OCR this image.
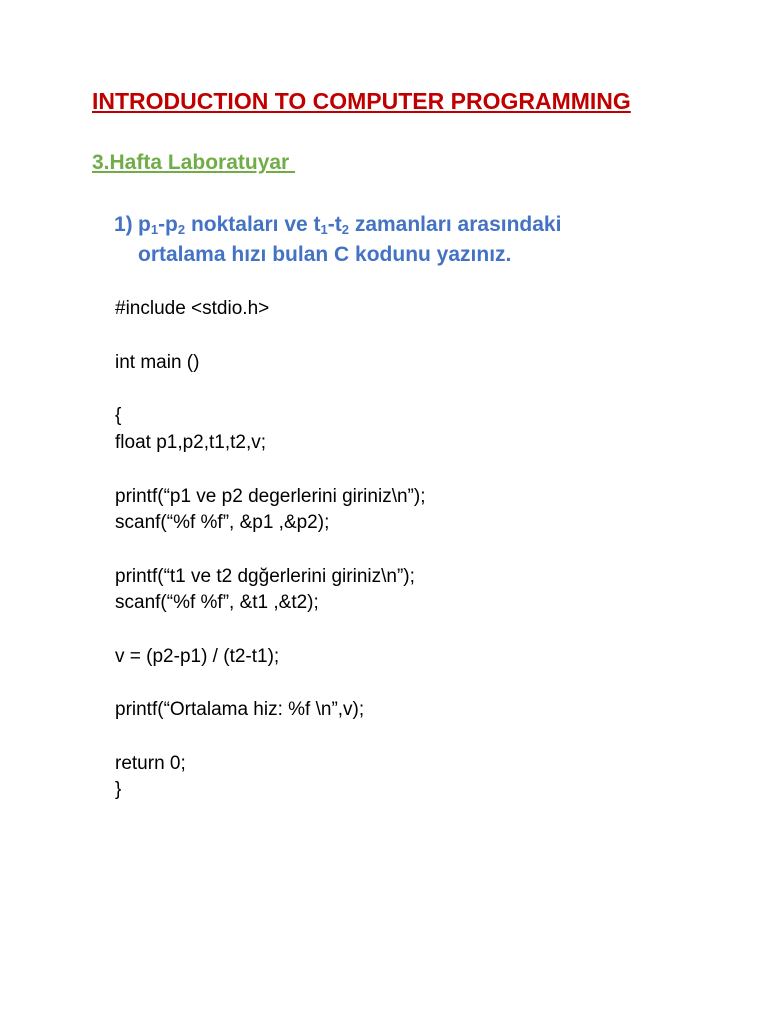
INTRODUCTION TO COMPUTER PROGRAMMING
3.Hafta Laboratuyar
1) $p_1-p_2$ noktaları ve $t_1-t_2$ zamanları arasındaki
ortalama hızı bulan C kodunu yazınız.
#include <stdio.h>
int main ()
{
float p1,p2,t1,t2,v;
printf(“p1 ve p2 degerlerini giriniz\n”);
scanf(“%f %f”, &p1 ,&p2);
printf(“t1 ve t2 dgğerlerini giriniz\n”);
scanf(“%f %f”, &t1 ,&t2);
v = (p2-p1) / (t2-t1);
printf(“Ortalama hiz: %f \n”,v);
return 0;
}
